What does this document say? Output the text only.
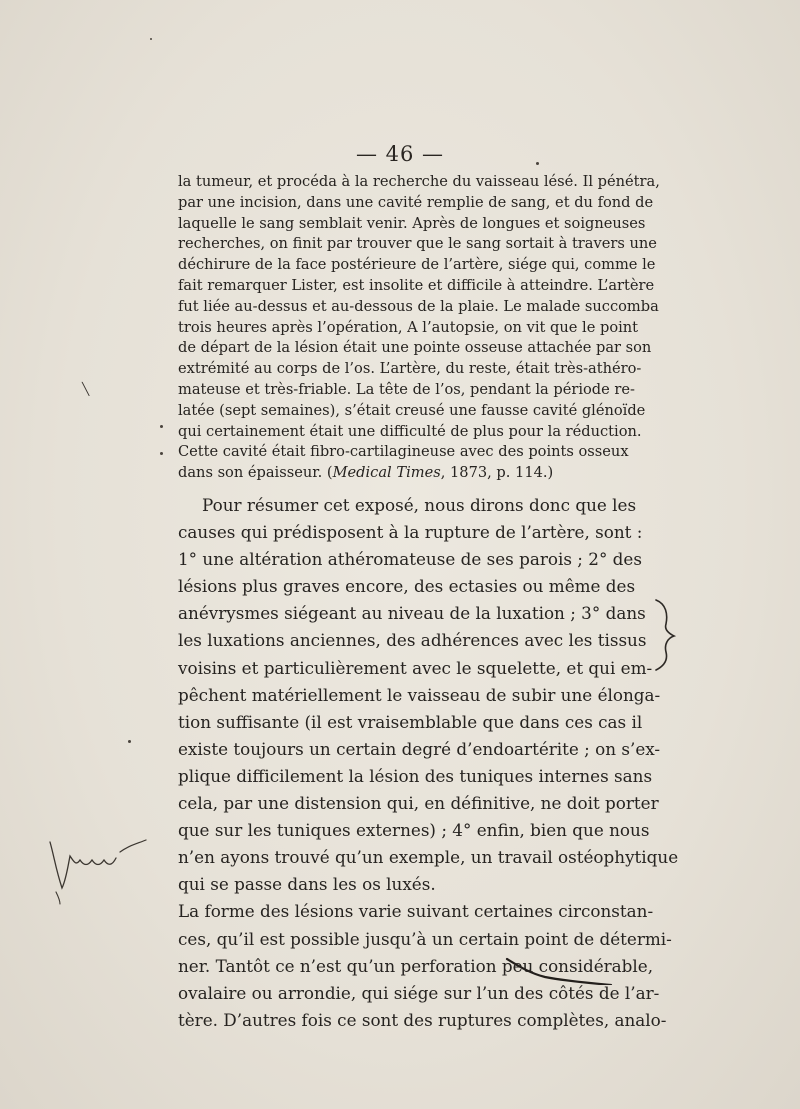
— 46 —
la tumeur, et procéda à la recherche du vaisseau lésé. Il pénétra,
par une incision, dans une cavité remplie de sang, et du fond de
laquelle le sang semblait venir. Après de longues et soigneuses
recherches, on finit par trouver que le sang sortait à travers une
déchirure de la face postérieure de l’artère, siége qui, comme le
fait remarquer Lister, est insolite et difficile à atteindre. L’artère
fut liée au-dessus et au-dessous de la plaie. Le malade succomba
trois heures après l’opération, A l’autopsie, on vit que le point
de départ de la lésion était une pointe osseuse attachée par son
extrémité au corps de l’os. L’artère, du reste, était très-athéro-
mateuse et très-friable. La tête de l’os, pendant la période re-
latée (sept semaines), s’était creusé une fausse cavité glénoïde
qui certainement était une difficulté de plus pour la réduction.
Cette cavité était fibro-cartilagineuse avec des points osseux
dans son épaisseur. (Medical Times, 1873, p. 114.)
Pour résumer cet exposé, nous dirons donc que les
causes qui prédisposent à la rupture de l’artère, sont :
1° une altération athéromateuse de ses parois ; 2° des
lésions plus graves encore, des ectasies ou même des
anévrysmes siégeant au niveau de la luxation ; 3° dans
les luxations anciennes, des adhérences avec les tissus
voisins et particulièrement avec le squelette, et qui em-
pêchent matériellement le vaisseau de subir une élonga-
tion suffisante (il est vraisemblable que dans ces cas il
existe toujours un certain degré d’endoartérite ; on s’ex-
plique difficilement la lésion des tuniques internes sans
cela, par une distension qui, en définitive, ne doit porter
que sur les tuniques externes) ; 4° enfin, bien que nous
n’en ayons trouvé qu’un exemple, un travail ostéophytique
qui se passe dans les os luxés.
La forme des lésions varie suivant certaines circonstan-
ces, qu’il est possible jusqu’à un certain point de détermi-
ner. Tantôt ce n’est qu’un perforation peu considérable,
ovalaire ou arrondie, qui siége sur l’un des côtés de l’ar-
tère. D’autres fois ce sont des ruptures complètes, analo-
╲
